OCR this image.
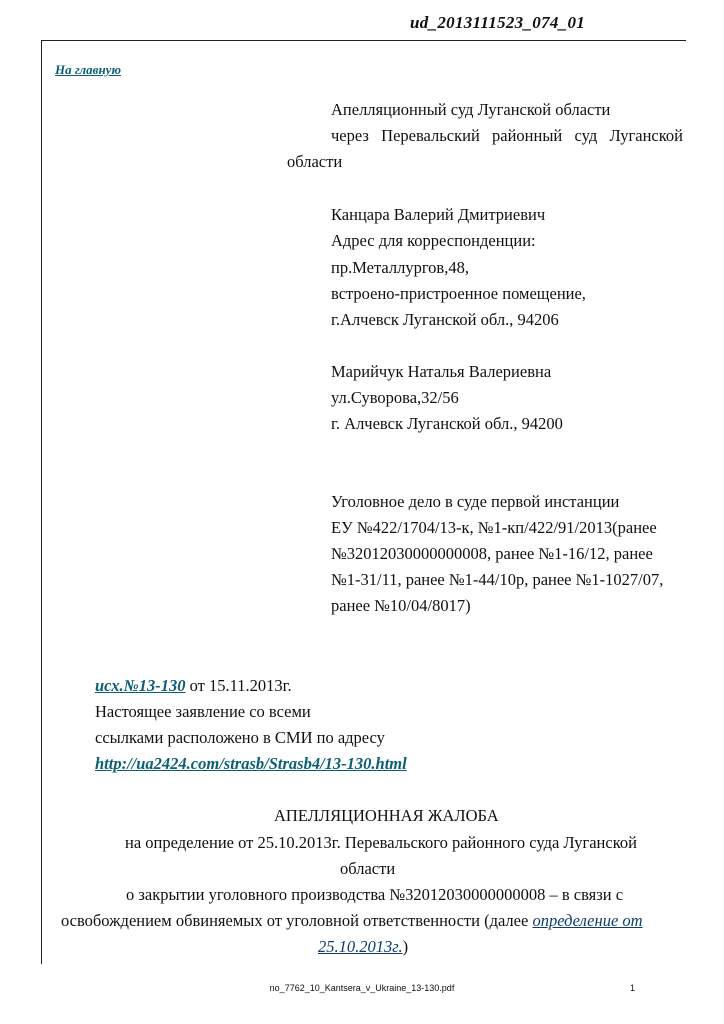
ud_2013111523_074_01
На главную
Апелляционный суд Луганской области
через Перевальский районный суд Луганской
области
Канцара Валерий Дмитриевич
Адрес для корреспонденции:
пр.Металлургов,48,
встроено-пристроенное помещение,
г.Алчевск Луганской обл., 94206
Марийчук Наталья Валериевна
ул.Суворова,32/56
г. Алчевск Луганской обл., 94200
Уголовное дело в суде первой инстанции
ЕУ №422/1704/13-к, №1-кп/422/91/2013(ранее
№32012030000000008, ранее №1-16/12, ранее
№1-31/11, ранее №1-44/10р, ранее №1-1027/07,
ранее №10/04/8017)
исх.№13-130 от 15.11.2013г.
Настоящее заявление со всеми
ссылками расположено в СМИ по адресу
http://ua2424.com/strasb/Strasb4/13-130.html
АПЕЛЛЯЦИОННАЯ ЖАЛОБА
на определение от 25.10.2013г. Перевальского районного суда Луганской
области
о закрытии уголовного производства №32012030000000008 – в связи с
освобождением обвиняемых от уголовной ответственности (далее определение от
25.10.2013г.)
no_7762_10_Kantsera_v_Ukraine_13-130.pdf	1
